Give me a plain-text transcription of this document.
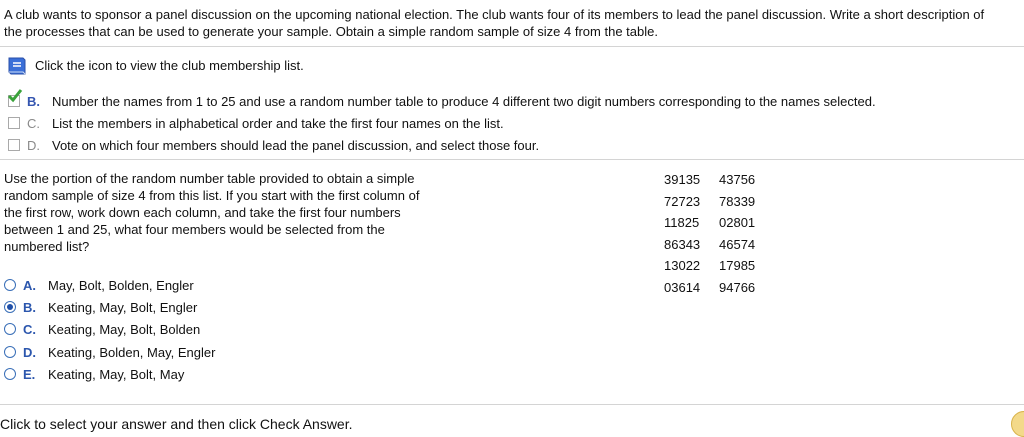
A club wants to sponsor a panel discussion on the upcoming national election. The club wants four of its members to lead the panel discussion. Write a short description of the processes that can be used to generate your sample. Obtain a simple random sample of size 4 from the table.
Click the icon to view the club membership list.
B. Number the names from 1 to 25 and use a random number table to produce 4 different two digit numbers corresponding to the names selected.
C. List the members in alphabetical order and take the first four names on the list.
D. Vote on which four members should lead the panel discussion, and select those four.
Use the portion of the random number table provided to obtain a simple random sample of size 4 from this list. If you start with the first column of the first row, work down each column, and take the first four numbers between 1 and 25, what four members would be selected from the numbered list?
39135	43756
72723	78339
11825	02801
86343	46574
13022	17985
03614	94766
A. May, Bolt, Bolden, Engler
B. Keating, May, Bolt, Engler
C. Keating, May, Bolt, Bolden
D. Keating, Bolden, May, Engler
E. Keating, May, Bolt, May
Click to select your answer and then click Check Answer.
